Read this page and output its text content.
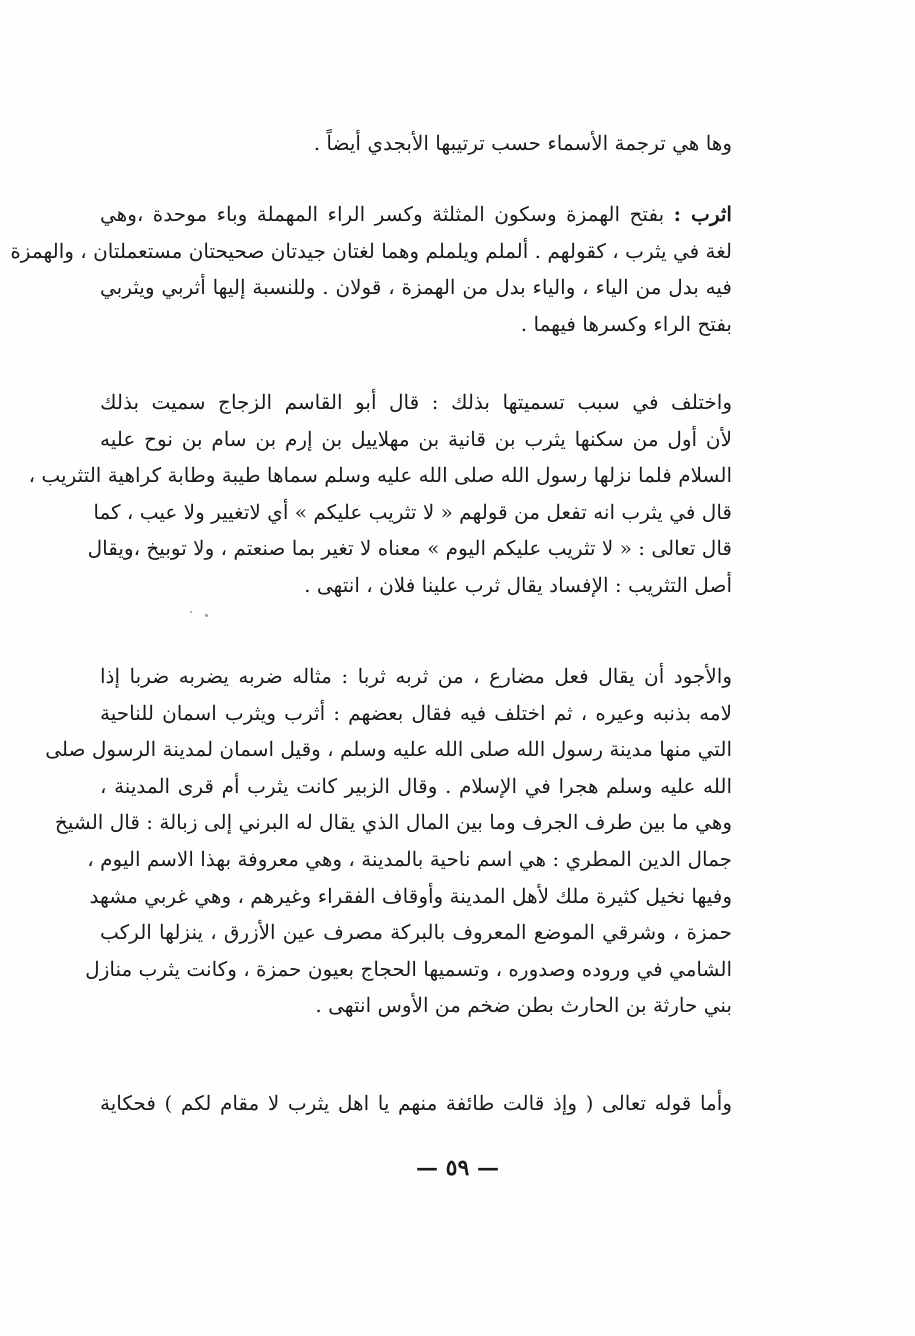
وها هي ترجمة الأسماء حسب ترتيبها الأبجدي أيضاً .
اثرب : بفتح الهمزة وسكون المثلثة وكسر الراء المهملة وباء موحدة ،وهي
لغة في يثرب ، كقولهم . ألملم ويلملم وهما لغتان جيدتان صحيحتان مستعملتان ، والهمزة
فيه بدل من الياء ، والياء بدل من الهمزة ، قولان . وللنسبة إليها أثربي ويثربي
بفتح الراء وكسرها فيهما .
واختلف في سبب تسميتها بذلك : قال أبو القاسم الزجاج سميت بذلك
لأن أول من سكنها يثرب بن قانية بن مهلاييل بن إرم بن سام بن نوح عليه
السلام فلما نزلها رسول الله صلى الله عليه وسلم سماها طيبة وطابة كراهية التثريب ،
قال في يثرب انه تفعل من قولهم « لا تثريب عليكم » أي لاتغيير ولا عيب ، كما
قال تعالى : « لا تثريب عليكم اليوم » معناه لا تغير بما صنعتم ، ولا توبيخ ،ويقال
أصل التثريب : الإفساد يقال ثرب علينا فلان ، انتهى .
والأجود أن يقال فعل مضارع ، من ثربه ثربا : مثاله ضربه يضربه ضربا إذا
لامه بذنبه وعيره ، ثم اختلف فيه فقال بعضهم : أثرب ويثرب اسمان للناحية
التي منها مدينة رسول الله صلى الله عليه وسلم ، وقيل اسمان لمدينة الرسول صلى
الله عليه وسلم هجرا في الإسلام . وقال الزبير كانت يثرب أم قرى المدينة ،
وهي ما بين طرف الجرف وما بين المال الذي يقال له البرني إلى زبالة : قال الشيخ
جمال الدين المطري : هي اسم ناحية بالمدينة ، وهي معروفة بهذا الاسم اليوم ،
وفيها نخيل كثيرة ملك لأهل المدينة وأوقاف الفقراء وغيرهم ، وهي غربي مشهد
حمزة ، وشرقي الموضع المعروف بالبركة مصرف عين الأزرق ، ينزلها الركب
الشامي في وروده وصدوره ، وتسميها الحجاج بعيون حمزة ، وكانت يثرب منازل
بني حارثة بن الحارث بطن ضخم من الأوس انتهى .
وأما قوله تعالى ( وإذ قالت طائفة منهم يا اهل يثرب لا مقام لكم ) فحكاية
— ٥٩ —
